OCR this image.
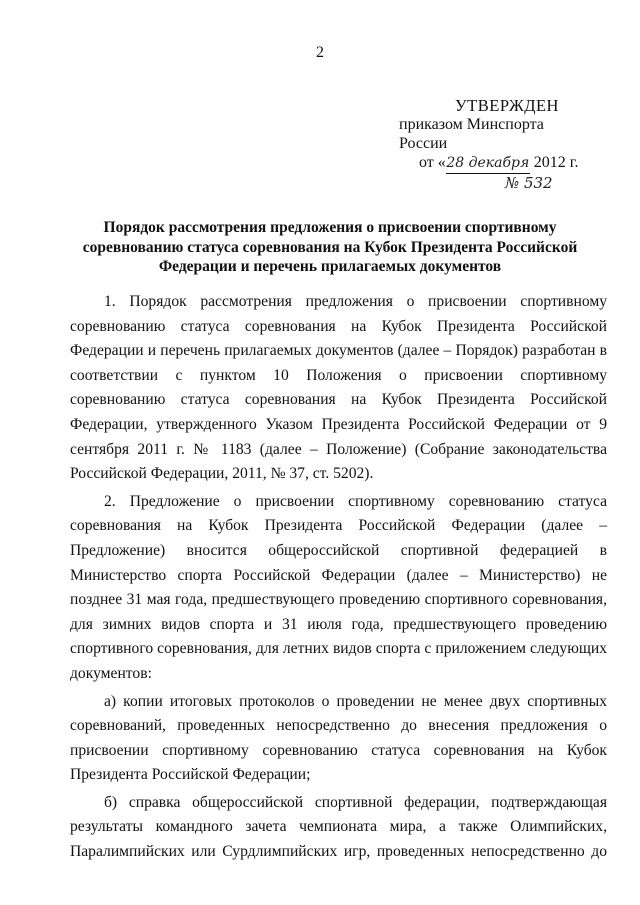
2
УТВЕРЖДЕН
приказом Минспорта России
от «28 декабря 2012 г.
№ 532
Порядок рассмотрения предложения о присвоении спортивному соревнованию статуса соревнования на Кубок Президента Российской Федерации и перечень прилагаемых документов

1. Порядок рассмотрения предложения о присвоении спортивному соревнованию статуса соревнования на Кубок Президента Российской Федерации и перечень прилагаемых документов (далее – Порядок) разработан в соответствии с пунктом 10 Положения о присвоении спортивному соревнованию статуса соревнования на Кубок Президента Российской Федерации, утвержденного Указом Президента Российской Федерации от 9 сентября 2011 г. № 1183 (далее – Положение) (Собрание законодательства Российской Федерации, 2011, № 37, ст. 5202).

2. Предложение о присвоении спортивному соревнованию статуса соревнования на Кубок Президента Российской Федерации (далее – Предложение) вносится общероссийской спортивной федерацией в Министерство спорта Российской Федерации (далее – Министерство) не позднее 31 мая года, предшествующего проведению спортивного соревнования, для зимних видов спорта и 31 июля года, предшествующего проведению спортивного соревнования, для летних видов спорта с приложением следующих документов:

а) копии итоговых протоколов о проведении не менее двух спортивных соревнований, проведенных непосредственно до внесения предложения о присвоении спортивному соревнованию статуса соревнования на Кубок Президента Российской Федерации;

б) справка общероссийской спортивной федерации, подтверждающая результаты командного зачета чемпионата мира, а также Олимпийских, Паралимпийских или Сурдлимпийских игр, проведенных непосредственно до
